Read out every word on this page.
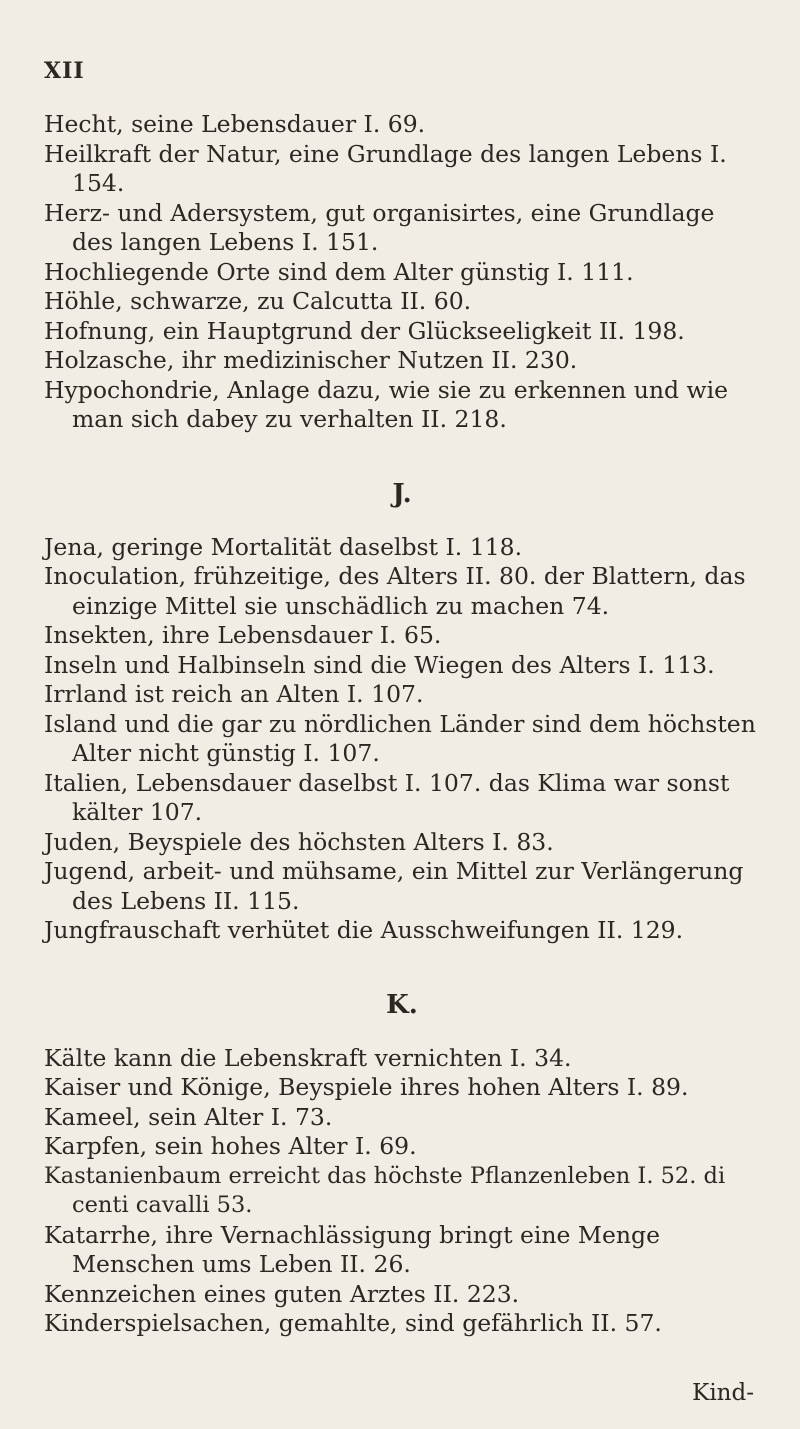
XII

Hecht, seine Lebensdauer I. 69.

Heilkraft der Natur, eine Grundlage des langen Lebens I. 154.

Herz- und Adersystem, gut organisirtes, eine Grundlage des langen Lebens I. 151.

Hochliegende Orte sind dem Alter günstig I. 111.

Höhle, schwarze, zu Calcutta II. 60.

Hofnung, ein Hauptgrund der Glückseeligkeit II. 198.

Holzasche, ihr medizinischer Nutzen II. 230.

Hypochondrie, Anlage dazu, wie sie zu erkennen und wie man sich dabey zu verhalten II. 218.

J.

Jena, geringe Mortalität daselbst I. 118.

Inoculation, frühzeitige, des Alters II. 80. der Blattern, das einzige Mittel sie unschädlich zu machen 74.

Insekten, ihre Lebensdauer I. 65.

Inseln und Halbinseln sind die Wiegen des Alters I. 113.

Irrland ist reich an Alten I. 107.

Island und die gar zu nördlichen Länder sind dem höchsten Alter nicht günstig I. 107.

Italien, Lebensdauer daselbst I. 107. das Klima war sonst kälter 107.

Juden, Beyspiele des höchsten Alters I. 83.

Jugend, arbeit- und mühsame, ein Mittel zur Verlängerung des Lebens II. 115.

Jungfrauschaft verhütet die Ausschweifungen II. 129.

K.

Kälte kann die Lebenskraft vernichten I. 34.

Kaiser und Könige, Beyspiele ihres hohen Alters I. 89.

Kameel, sein Alter I. 73.

Karpfen, sein hohes Alter I. 69.

Kastanienbaum erreicht das höchste Pflanzenleben I. 52. di centi cavalli 53.

Katarrhe, ihre Vernachlässigung bringt eine Menge Menschen ums Leben II. 26.

Kennzeichen eines guten Arztes II. 223.

Kinderspielsachen, gemahlte, sind gefährlich II. 57.

Kind-
